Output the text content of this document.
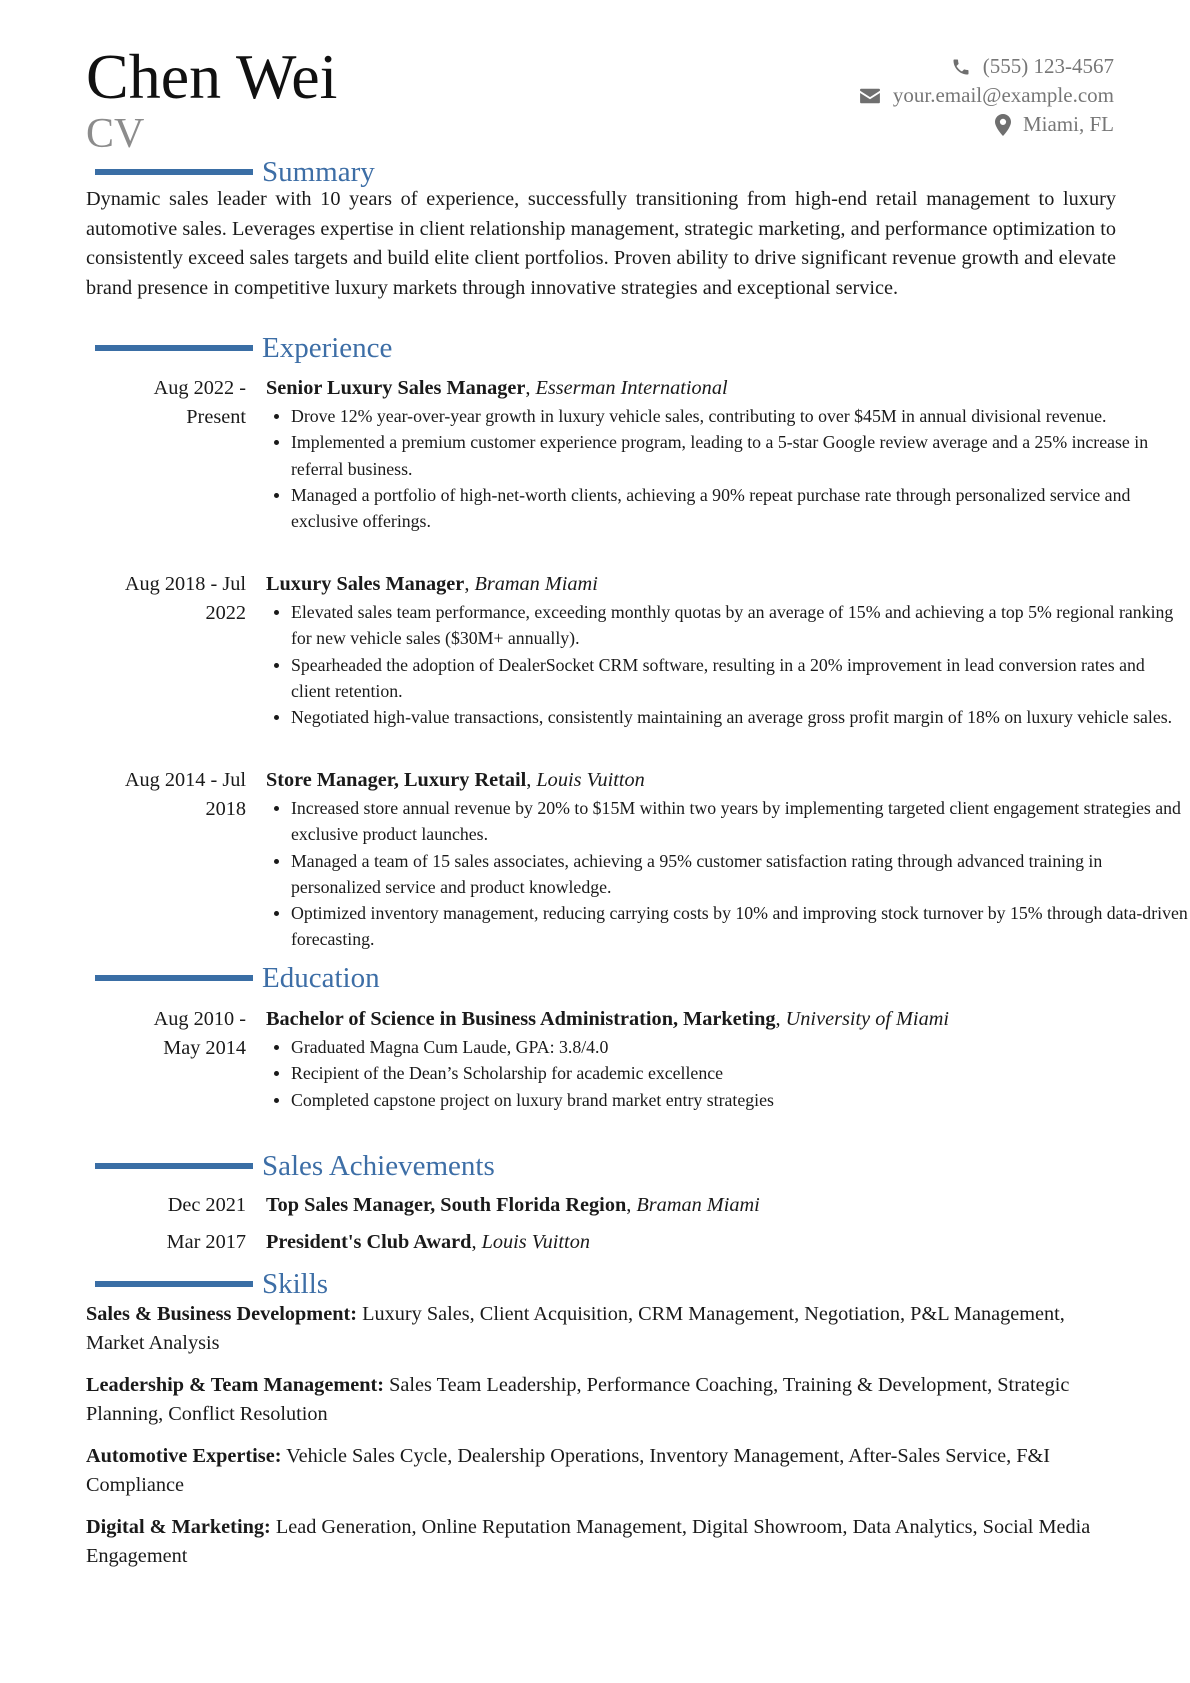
Chen Wei
CV
(555) 123-4567
your.email@example.com
Miami, FL
Summary
Dynamic sales leader with 10 years of experience, successfully transitioning from high-end retail management to luxury automotive sales. Leverages expertise in client relationship management, strategic marketing, and performance optimization to consistently exceed sales targets and build elite client portfolios. Proven ability to drive significant revenue growth and elevate brand presence in competitive luxury markets through innovative strategies and exceptional service.
Experience
Aug 2022 -
Present
Senior Luxury Sales Manager, Esserman International
Drove 12% year-over-year growth in luxury vehicle sales, contributing to over $45M in annual divisional revenue.
Implemented a premium customer experience program, leading to a 5-star Google review average and a 25% increase in referral business.
Managed a portfolio of high-net-worth clients, achieving a 90% repeat purchase rate through personalized service and exclusive offerings.
Aug 2018 - Jul
2022
Luxury Sales Manager, Braman Miami
Elevated sales team performance, exceeding monthly quotas by an average of 15% and achieving a top 5% regional ranking for new vehicle sales ($30M+ annually).
Spearheaded the adoption of DealerSocket CRM software, resulting in a 20% improvement in lead conversion rates and client retention.
Negotiated high-value transactions, consistently maintaining an average gross profit margin of 18% on luxury vehicle sales.
Aug 2014 - Jul
2018
Store Manager, Luxury Retail, Louis Vuitton
Increased store annual revenue by 20% to $15M within two years by implementing targeted client engagement strategies and exclusive product launches.
Managed a team of 15 sales associates, achieving a 95% customer satisfaction rating through advanced training in personalized service and product knowledge.
Optimized inventory management, reducing carrying costs by 10% and improving stock turnover by 15% through data-driven forecasting.
Education
Aug 2010 -
May 2014
Bachelor of Science in Business Administration, Marketing, University of Miami
Graduated Magna Cum Laude, GPA: 3.8/4.0
Recipient of the Dean’s Scholarship for academic excellence
Completed capstone project on luxury brand market entry strategies
Sales Achievements
Dec 2021 Top Sales Manager, South Florida Region, Braman Miami
Mar 2017 President's Club Award, Louis Vuitton
Skills
Sales & Business Development: Luxury Sales, Client Acquisition, CRM Management, Negotiation, P&L Management, Market Analysis
Leadership & Team Management: Sales Team Leadership, Performance Coaching, Training & Development, Strategic Planning, Conflict Resolution
Automotive Expertise: Vehicle Sales Cycle, Dealership Operations, Inventory Management, After-Sales Service, F&I Compliance
Digital & Marketing: Lead Generation, Online Reputation Management, Digital Showroom, Data Analytics, Social Media Engagement
